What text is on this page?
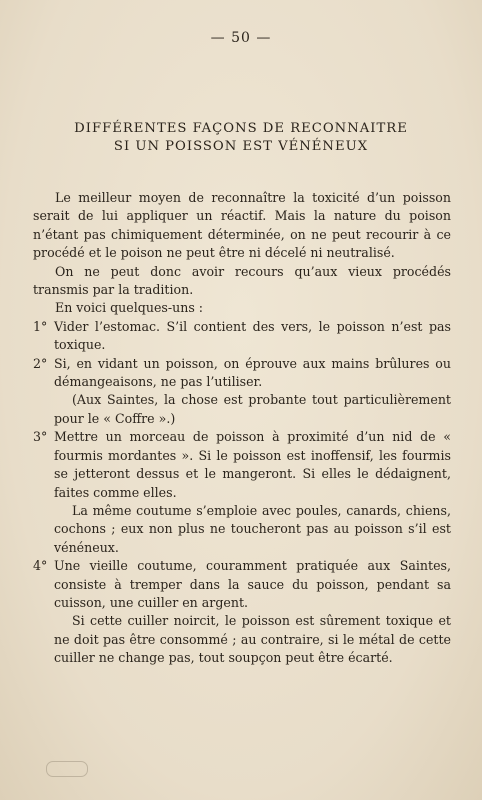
— 50 —
DIFFÉRENTES FAÇONS DE RECONNAITRE
SI UN POISSON EST VÉNÉNEUX

Le meilleur moyen de reconnaître la toxicité d’un poisson serait de lui appliquer un réactif. Mais la nature du poison n’étant pas chimiquement déterminée, on ne peut recourir à ce procédé et le poison ne peut être ni décelé ni neutralisé.

On ne peut donc avoir recours qu’aux vieux procédés transmis par la tradition.

En voici quelques-uns :

1° Vider l’estomac. S’il contient des vers, le poisson n’est pas toxique.

2° Si, en vidant un poisson, on éprouve aux mains brûlures ou démangeaisons, ne pas l’utiliser.

(Aux Saintes, la chose est probante tout particulièrement pour le « Coffre ».)

3° Mettre un morceau de poisson à proximité d’un nid de « fourmis mordantes ». Si le poisson est inoffensif, les fourmis se jetteront dessus et le mangeront. Si elles le dédaignent, faites comme elles.

La même coutume s’emploie avec poules, canards, chiens, cochons ; eux non plus ne toucheront pas au poisson s’il est vénéneux.

4° Une vieille coutume, couramment pratiquée aux Saintes, consiste à tremper dans la sauce du poisson, pendant sa cuisson, une cuiller en argent.

Si cette cuiller noircit, le poisson est sûrement toxique et ne doit pas être consommé ; au contraire, si le métal de cette cuiller ne change pas, tout soupçon peut être écarté.
